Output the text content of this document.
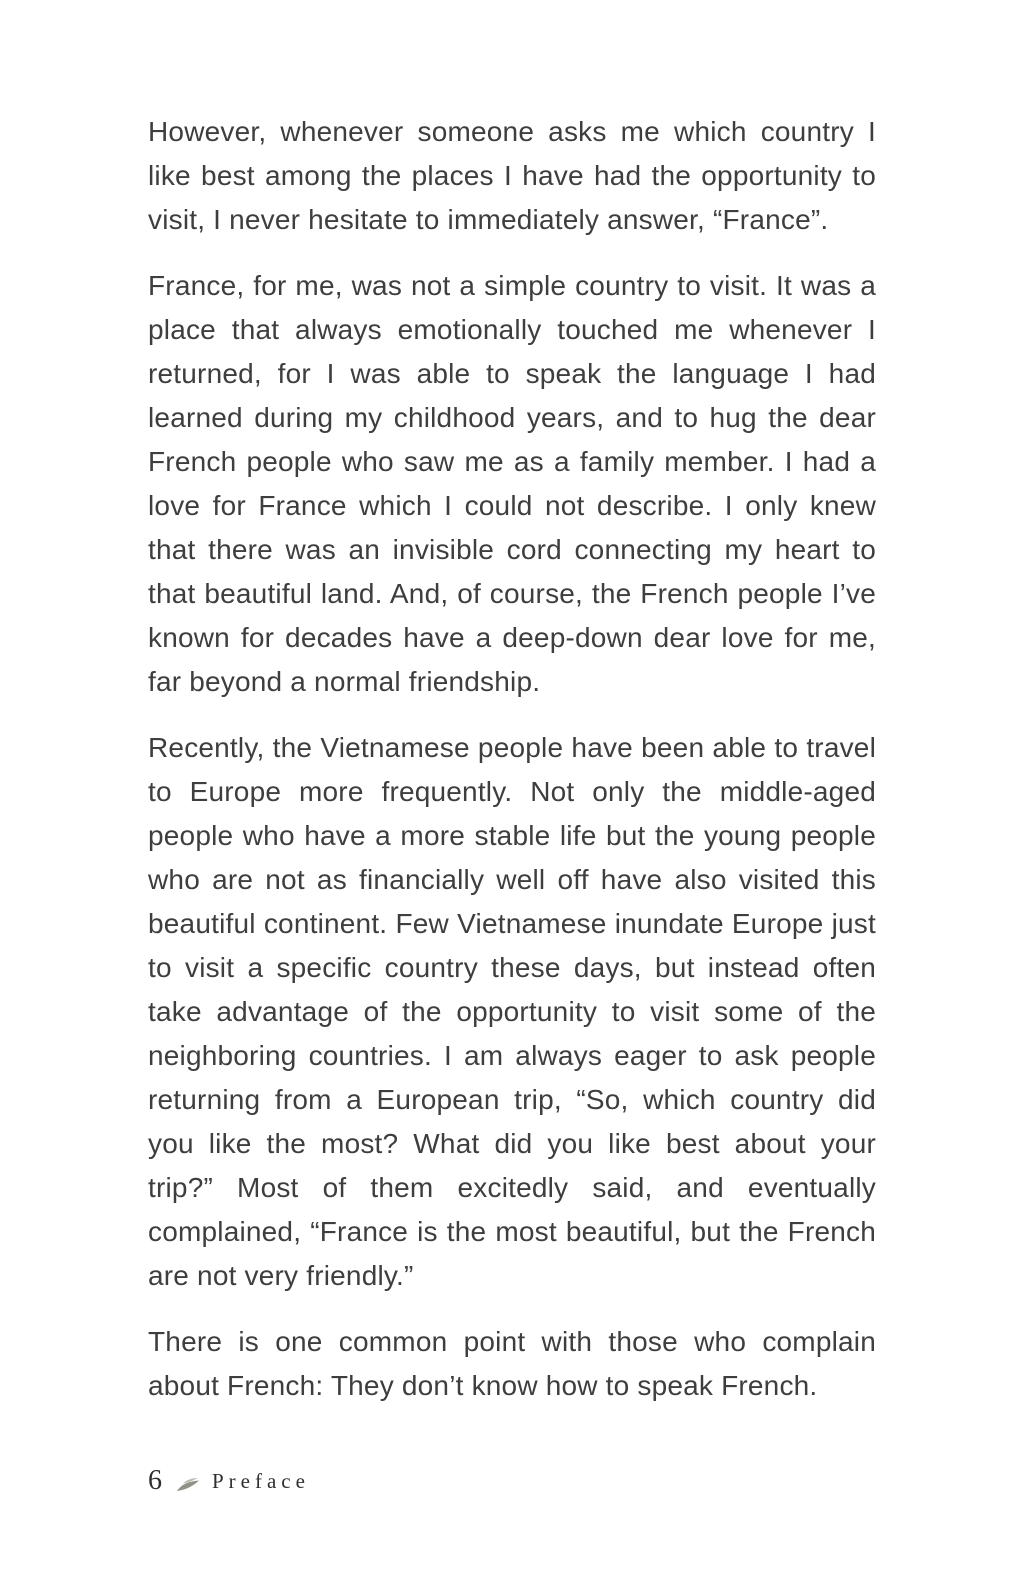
However, whenever someone asks me which country I like best among the places I have had the opportunity to visit, I never hesitate to immediately answer, “France”.

France, for me, was not a simple country to visit. It was a place that always emotionally touched me whenever I returned, for I was able to speak the language I had learned during my childhood years, and to hug the dear French people who saw me as a family member. I had a love for France which I could not describe. I only knew that there was an invisible cord connecting my heart to that beautiful land. And, of course, the French people I’ve known for decades have a deep-down dear love for me, far beyond a normal friendship.

Recently, the Vietnamese people have been able to travel to Europe more frequently. Not only the middle-aged people who have a more stable life but the young people who are not as financially well off have also visited this beautiful continent. Few Vietnamese inundate Europe just to visit a specific country these days, but instead often take advantage of the opportunity to visit some of the neighboring countries. I am always eager to ask people returning from a European trip, “So, which country did you like the most? What did you like best about your trip?” Most of them excitedly said, and eventually complained, “France is the most beautiful, but the French are not very friendly.”

There is one common point with those who complain about French: They don’t know how to speak French.

6 Preface
